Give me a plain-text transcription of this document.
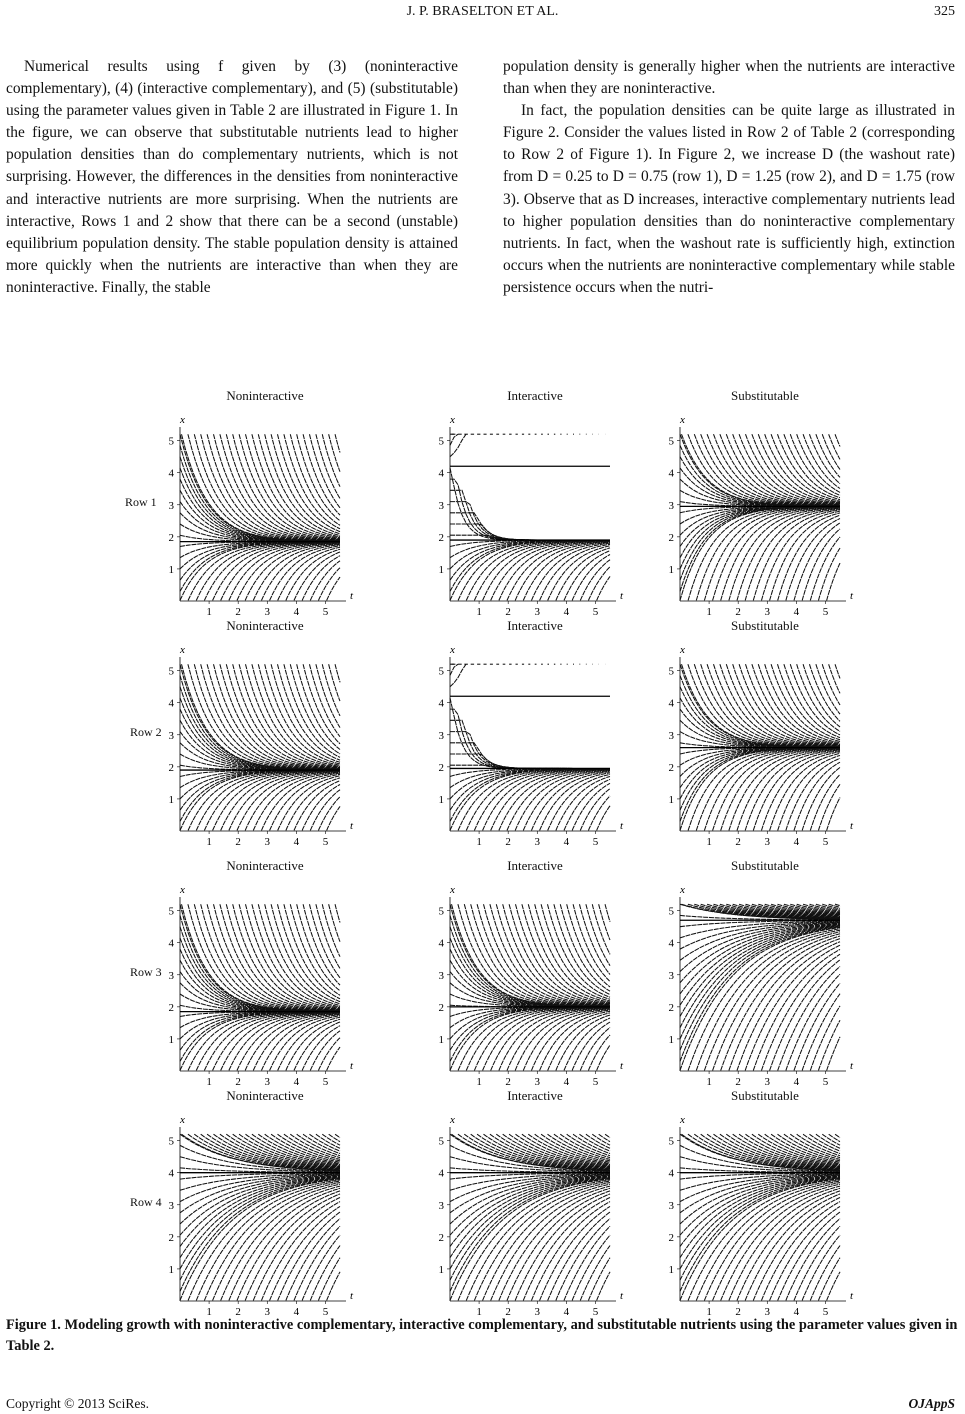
J. P. BRASELTON ET AL.	325

Numerical results using f given by (3) (noninteractive complementary), (4) (interactive complementary), and (5) (substitutable) using the parameter values given in Table 2 are illustrated in Figure 1. In the figure, we can observe that substitutable nutrients lead to higher population densities than do complementary nutrients, which is not surprising. However, the differences in the densities from noninteractive and interactive nutrients are more surprising. When the nutrients are interactive, Rows 1 and 2 show that there can be a second (unstable) equilibrium population density. The stable population density is attained more quickly when the nutrients are interactive than when they are noninteractive. Finally, the stable

population density is generally higher when the nutrients are interactive than when they are noninteractive.

In fact, the population densities can be quite large as illustrated in Figure 2. Consider the values listed in Row 2 of Table 2 (corresponding to Row 2 of Figure 1). In Figure 2, we increase D (the washout rate) from D = 0.25 to D = 0.75 (row 1), D = 1.25 (row 2), and D = 1.75 (row 3). Observe that as D increases, interactive complementary nutrients lead to higher population densities than do noninteractive complementary nutrients. In fact, when the washout rate is sufficiently high, extinction occurs when the nutrients are noninteractive complementary while stable persistence occurs when the nutri-

Row 1
Row 2
Row 3
Row 4
Noninteractive
x
t
1 2 3 4 5
1
2
3
4
5
Interactive
x
t
1 2 3 4 5
1
2
3
4
5
Substitutable
x
t
1 2 3 4 5
1
2
3
4
5
Noninteractive
x
t
1 2 3 4 5
1
2
3
4
5
Interactive
x
t
1 2 3 4 5
1
2
3
4
5
Substitutable
x
t
1 2 3 4 5
1
2
3
4
5
Noninteractive
x
t
1 2 3 4 5
1
2
3
4
5
Interactive
x
t
1 2 3 4 5
1
2
3
4
5
Substitutable
x
t
1 2 3 4 5
1
2
3
4
5
Noninteractive
x
t
1 2 3 4 5
1
2
3
4
5
Interactive
x
t
1 2 3 4 5
1
2
3
4
5
Substitutable
x
t
1 2 3 4 5
1
2
3
4
5
Figure 1. Modeling growth with noninteractive complementary, interactive complementary, and substitutable nutrients using the parameter values given in Table 2.
Copyright © 2013 SciRes.	OJAppS
